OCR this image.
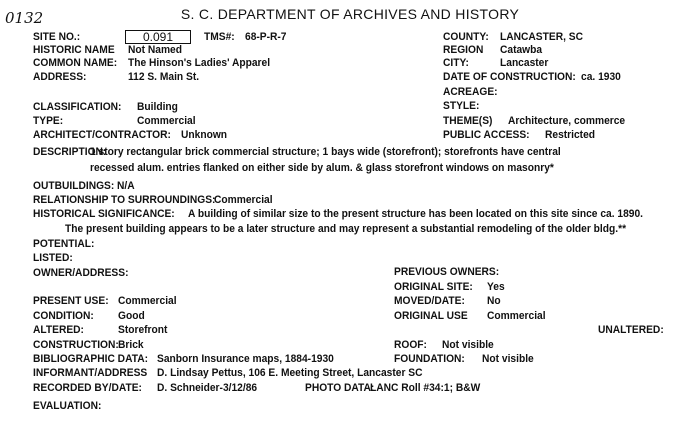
0132	S. C. DEPARTMENT OF ARCHIVES AND HISTORY
SITE NO.:	0.091	TMS#: 68-P-R-7
HISTORIC NAME Not Named
COMMON NAME: The Hinson's Ladies' Apparel
ADDRESS:	112 S. Main St.
COUNTY: LANCASTER, SC
REGION Catawba
CITY:	Lancaster
DATE OF CONSTRUCTION: ca. 1930
ACREAGE:
STYLE:
THEME(S) Architecture, commerce
PUBLIC ACCESS: Restricted
CLASSIFICATION: Building
TYPE:	Commercial
ARCHITECT/CONTRACTOR: Unknown
DESCRIPTION:
1 story rectangular brick commercial structure; 1 bays wide (storefront); storefronts have central
recessed alum. entries flanked on either side by alum. & glass storefront windows on masonry*
OUTBUILDINGS: N/A
RELATIONSHIP TO SURROUNDINGS:
Commercial
HISTORICAL SIGNIFICANCE: A building of similar size to the present structure has been located on this site since ca. 1890.
The present building appears to be a later structure and may represent a substantial remodeling of the older bldg.**
POTENTIAL:
LISTED:
OWNER/ADDRESS:	PREVIOUS OWNERS:
ORIGINAL SITE: Yes
MOVED/DATE: No
ORIGINAL USE Commercial
UNALTERED:
ROOF: Not visible
FOUNDATION: Not visible
PRESENT USE: Commercial
CONDITION: Good
ALTERED:	Storefront
CONSTRUCTION: Brick
BIBLIOGRAPHIC DATA: Sanborn Insurance maps, 1884-1930
INFORMANT/ADDRESS D. Lindsay Pettus, 106 E. Meeting Street, Lancaster SC
RECORDED BY/DATE: D. Schneider-3/12/86	PHOTO DATA:
LANC Roll #34:1; B&W
EVALUATION:
